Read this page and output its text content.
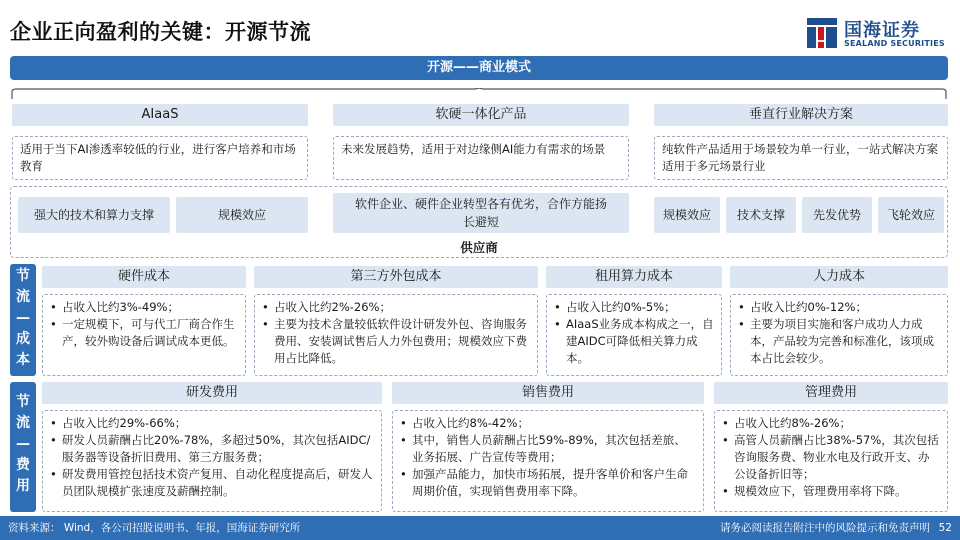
企业正向盈利的关键：开源节流	国海证券
SEALAND SECURITIES
开源——商业模式
AIaaS	软硬一体化产品	垂直行业解决方案
适用于当下AI渗透率较低的行业，进行客户培养和市场教育
未来发展趋势，适用于对边缘侧AI能力有需求的场景	纯软件产品适用于场景较为单一行业，一站式解决方案适用于多元场景行业
强大的技术和算力支撑	规模效应
软件企业、硬件企业转型各有优劣，合作方能扬长避短	规模效应	技术支撑	先发优势	飞轮效应
供应商
节
流
—
成
本
硬件成本	第三方外包成本	租用算力成本	人力成本
• 占收入比约3%-49%；
• 一定规模下，可与代工厂商合作生产，较外购设备后调试成本更低。
• 占收入比约2%-26%；
• 主要为技术含量较低软件设计研发外包、咨询服务费用、安装调试售后人力外包费用；规模效应下费用占比降低。
• 占收入比约0%-5%；
• AIaaS业务成本构成之一，自建AIDC可降低相关算力成本。
• 占收入比约0%-12%；
• 主要为项目实施和客户成功人力成本，产品较为完善和标准化，该项成本占比会较少。
节
流
—
费
用
研发费用	销售费用	管理费用
• 占收入比约29%-66%；
• 研发人员薪酬占比20%-78%，多超过50%，其次包括AIDC/服务器等设备折旧费用、第三方服务费；
• 研发费用管控包括技术资产复用、自动化程度提高后，研发人员团队规模扩张速度及薪酬控制。
• 占收入比约8%-42%；
• 其中，销售人员薪酬占比59%-89%，其次包括差旅、业务拓展、广告宣传等费用；
• 加强产品能力，加快市场拓展，提升客单价和客户生命周期价值，实现销售费用率下降。
• 占收入比约8%-26%；
• 高管人员薪酬占比38%-57%，其次包括咨询服务费、物业水电及行政开支、办公设备折旧等；
• 规模效应下，管理费用率将下降。
资料来源： Wind，各公司招股说明书、年报，国海证券研究所	请务必阅读报告附注中的风险提示和免责声明 52
